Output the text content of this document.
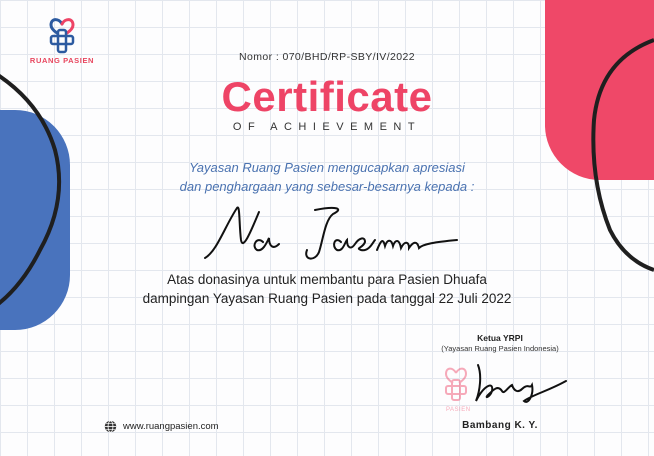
RUANG PASIEN	Nomor : 070/BHD/RP-SBY/IV/2022
Certificate
OF ACHIEVEMENT
Yayasan Ruang Pasien mengucapkan apresiasi
dan penghargaan yang sebesar-besarnya kepada :
Atas donasinya untuk membantu para Pasien Dhuafa
dampingan Yayasan Ruang Pasien pada tanggal 22 Juli 2022
Ketua YRPI
(Yayasan Ruang Pasien Indonesia)
PASIEN
Bambang K. Y.
www.ruangpasien.com
